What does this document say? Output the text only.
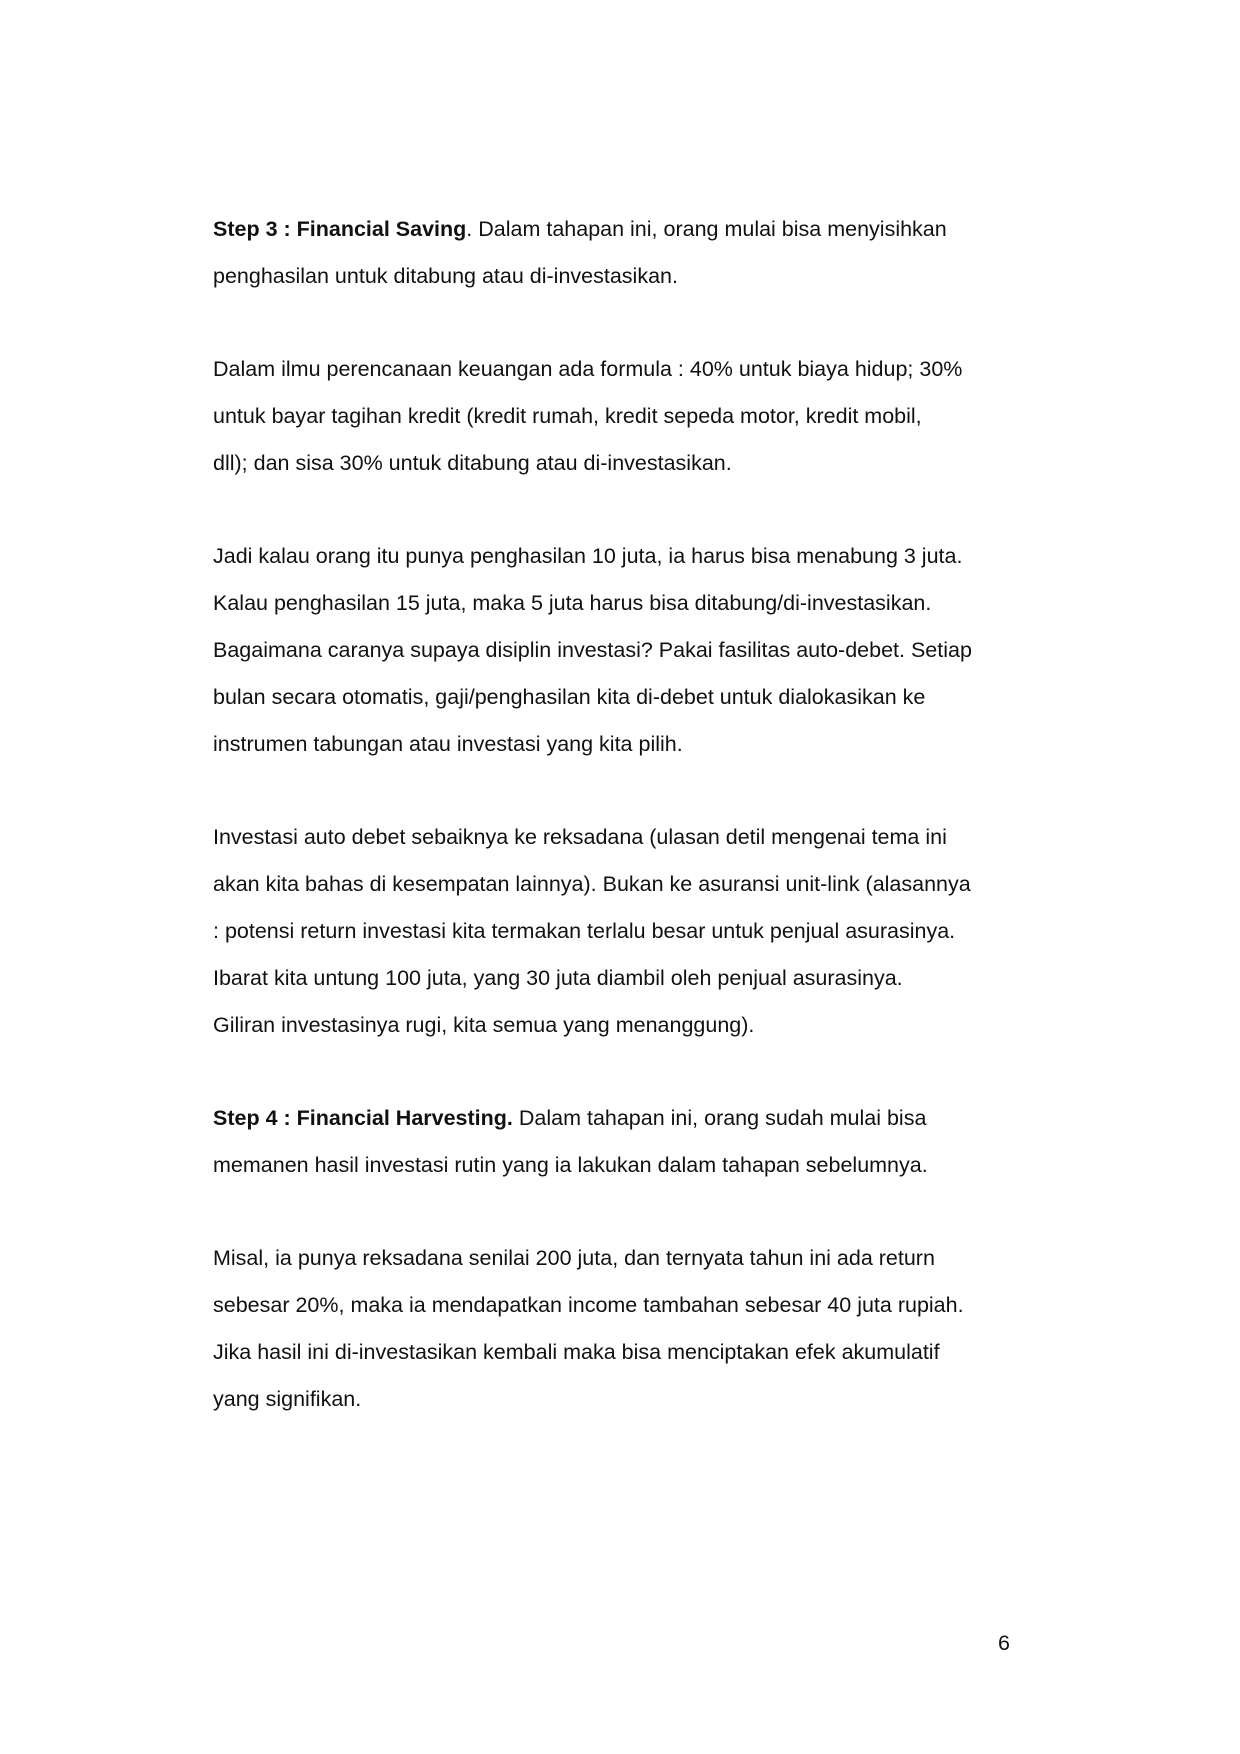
Step 3 : Financial Saving. Dalam tahapan ini, orang mulai bisa menyisihkan
penghasilan untuk ditabung atau di-investasikan.

Dalam ilmu perencanaan keuangan ada formula : 40% untuk biaya hidup; 30%
untuk bayar tagihan kredit (kredit rumah, kredit sepeda motor, kredit mobil,
dll); dan sisa 30% untuk ditabung atau di-investasikan.

Jadi kalau orang itu punya penghasilan 10 juta, ia harus bisa menabung 3 juta.
Kalau penghasilan 15 juta, maka 5 juta harus bisa ditabung/di-investasikan.
Bagaimana caranya supaya disiplin investasi? Pakai fasilitas auto-debet. Setiap
bulan secara otomatis, gaji/penghasilan kita di-debet untuk dialokasikan ke
instrumen tabungan atau investasi yang kita pilih.

Investasi auto debet sebaiknya ke reksadana (ulasan detil mengenai tema ini
akan kita bahas di kesempatan lainnya). Bukan ke asuransi unit-link (alasannya
: potensi return investasi kita termakan terlalu besar untuk penjual asurasinya.
Ibarat kita untung 100 juta, yang 30 juta diambil oleh penjual asurasinya.
Giliran investasinya rugi, kita semua yang menanggung).

Step 4 : Financial Harvesting. Dalam tahapan ini, orang sudah mulai bisa
memanen hasil investasi rutin yang ia lakukan dalam tahapan sebelumnya.

Misal, ia punya reksadana senilai 200 juta, dan ternyata tahun ini ada return
sebesar 20%, maka ia mendapatkan income tambahan sebesar 40 juta rupiah.
Jika hasil ini di-investasikan kembali maka bisa menciptakan efek akumulatif
yang signifikan.

6
